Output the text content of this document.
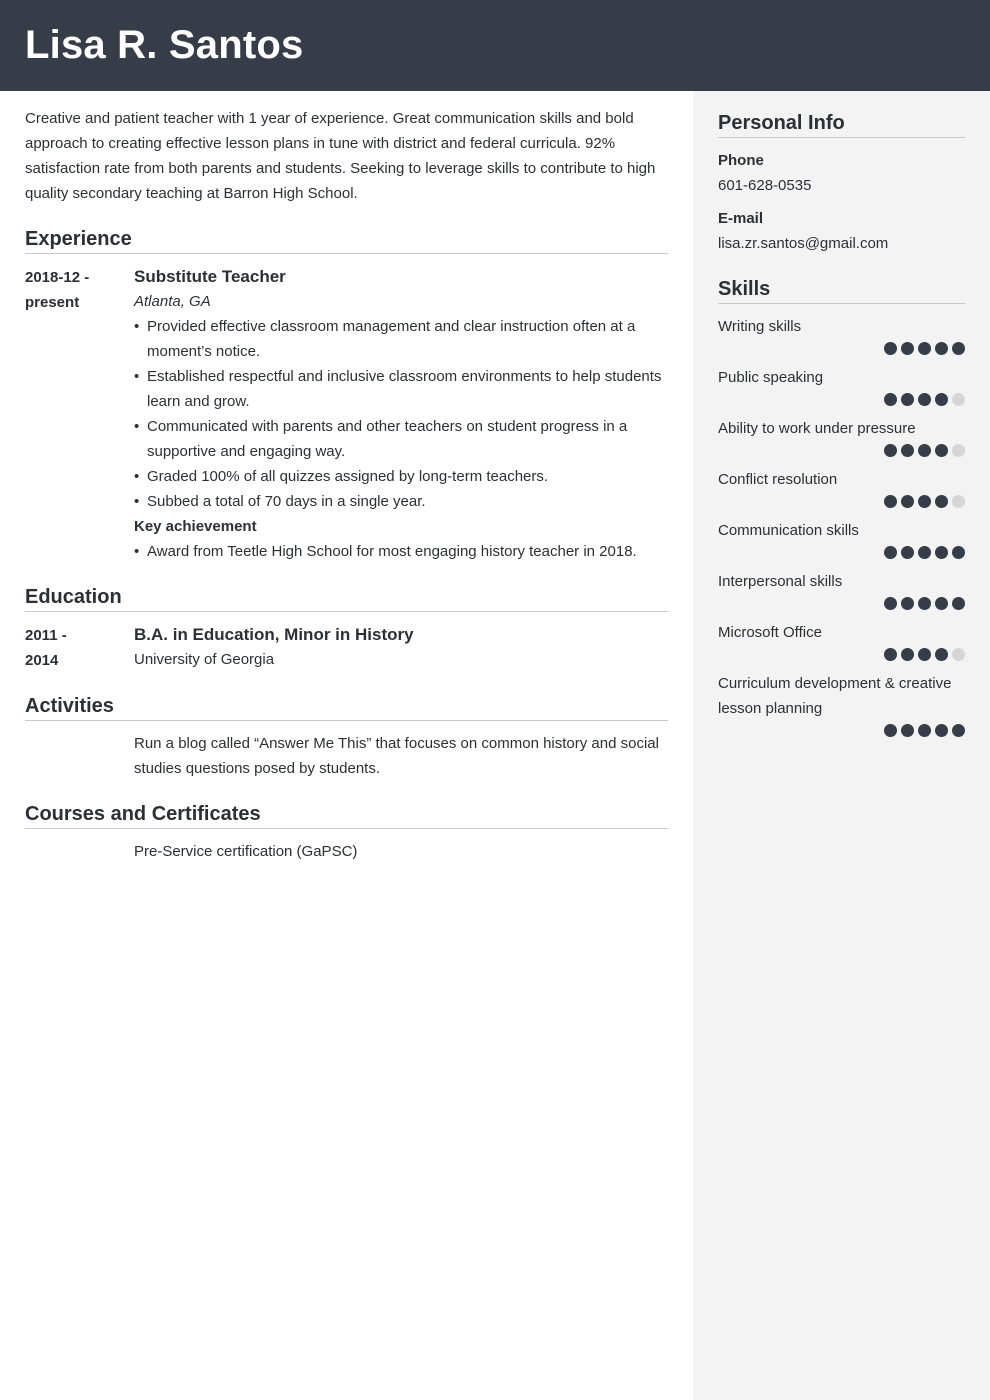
Lisa R. Santos

Creative and patient teacher with 1 year of experience. Great communication skills and bold approach to creating effective lesson plans in tune with district and federal curricula. 92% satisfaction rate from both parents and students. Seeking to leverage skills to contribute to high quality secondary teaching at Barron High School.

Experience
2018-12 -
present
Substitute Teacher
Atlanta, GA
• Provided effective classroom management and clear instruction often at a moment’s notice.
• Established respectful and inclusive classroom environments to help students learn and grow.
• Communicated with parents and other teachers on student progress in a supportive and engaging way.
• Graded 100% of all quizzes assigned by long-term teachers.
• Subbed a total of 70 days in a single year.
Key achievement
• Award from Teetle High School for most engaging history teacher in 2018.
Education
2011 -
2014
B.A. in Education, Minor in History
University of Georgia
Activities
Run a blog called “Answer Me This” that focuses on common history and social studies questions posed by students.
Courses and Certificates
Pre-Service certification (GaPSC)
Personal Info
Phone
601-628-0535
E-mail
lisa.zr.santos@gmail.com
Skills
Writing skills
Public speaking
Ability to work under pressure
Conflict resolution
Communication skills
Interpersonal skills
Microsoft Office
Curriculum development & creative lesson planning
